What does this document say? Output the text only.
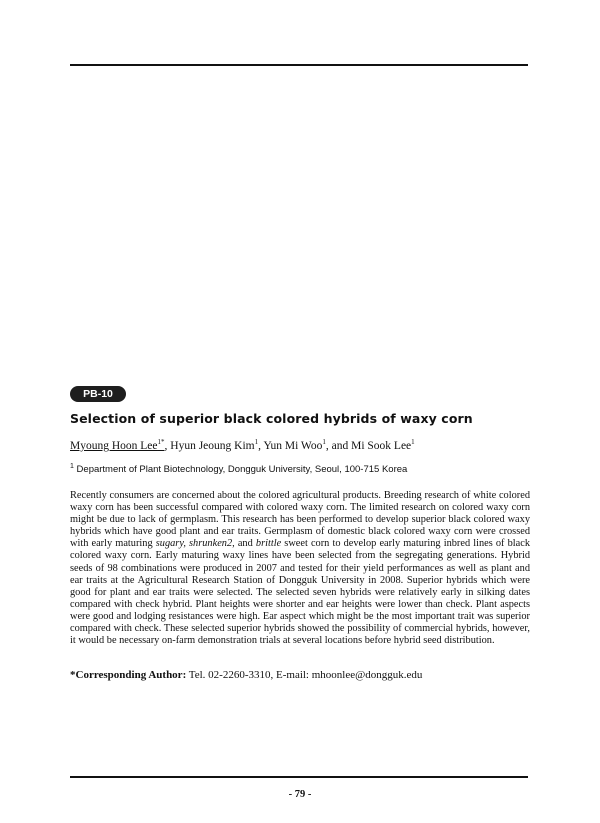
PB-10
Selection of superior black colored hybrids of waxy corn
Myoung Hoon Lee$^{1*}$, Hyun Jeoung Kim$^1$, Yun Mi Woo$^1$, and Mi Sook Lee$^1$
$^1$ Department of Plant Biotechnology, Dongguk University, Seoul, 100-715 Korea

Recently consumers are concerned about the colored agricultural products. Breeding research of white colored waxy corn has been successful compared with colored waxy corn. The limited research on colored waxy corn might be due to lack of germplasm. This research has been performed to develop superior black colored waxy hybrids which have good plant and ear traits. Germplasm of domestic black colored waxy corn were crossed with early maturing sugary, shrunken2, and brittle sweet corn to develop early maturing inbred lines of black colored waxy corn. Early maturing waxy lines have been selected from the segregating generations. Hybrid seeds of 98 combinations were produced in 2007 and tested for their yield performances as well as plant and ear traits at the Agricultural Research Station of Dongguk University in 2008. Superior hybrids which were good for plant and ear traits were selected. The selected seven hybrids were relatively early in silking dates compared with check hybrid. Plant heights were shorter and ear heights were lower than check. Plant aspects were good and lodging resistances were high. Ear aspect which might be the most important trait was superior compared with check. These selected superior hybrids showed the possibility of commercial hybrids, however, it would be necessary on-farm demonstration trials at several locations before hybrid seed distribution.

*Corresponding Author: Tel. 02-2260-3310, E-mail: mhoonlee@dongguk.edu
- 79 -
